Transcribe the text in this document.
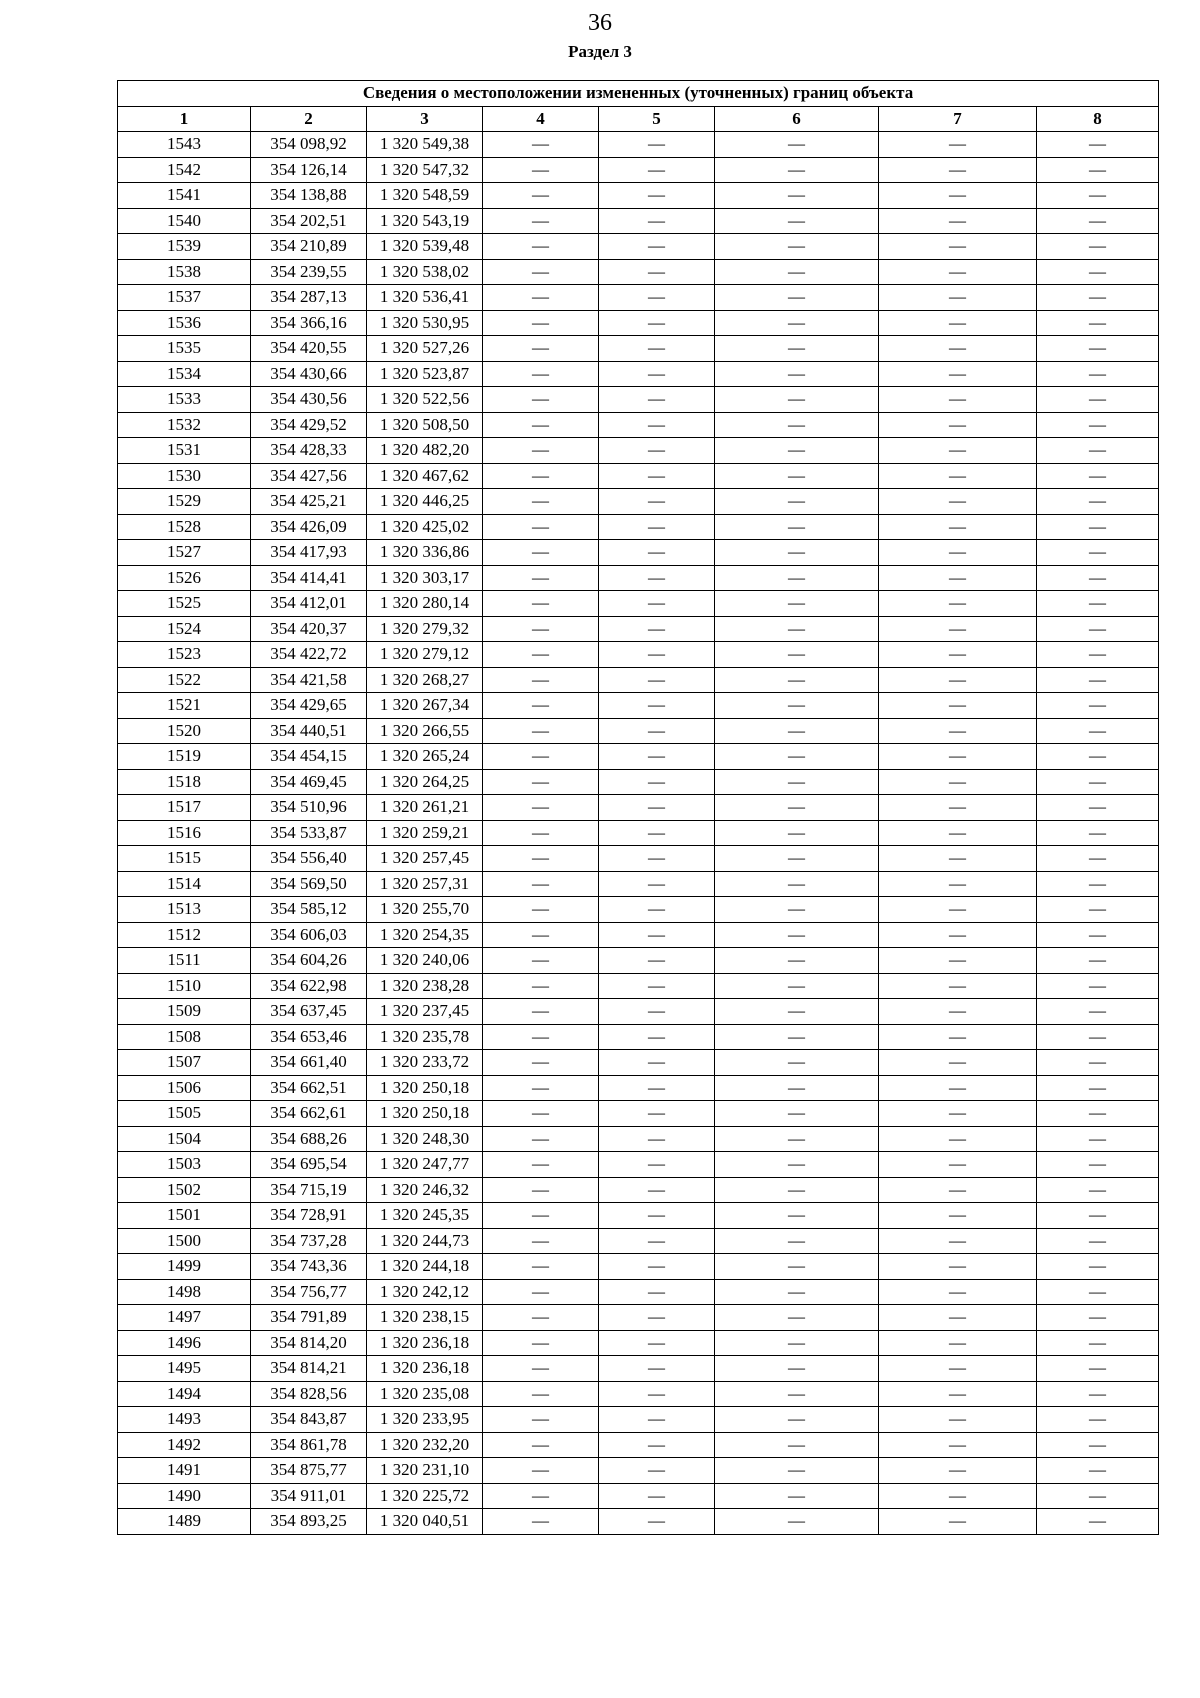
36
Раздел 3
Сведения о местоположении измененных (уточненных) границ объекта							
1	2	3	4	5	6	7	8
1543	354 098,92	1 320 549,38	—	—	—	—	—
1542	354 126,14	1 320 547,32	—	—	—	—	—
1541	354 138,88	1 320 548,59	—	—	—	—	—
1540	354 202,51	1 320 543,19	—	—	—	—	—
1539	354 210,89	1 320 539,48	—	—	—	—	—
1538	354 239,55	1 320 538,02	—	—	—	—	—
1537	354 287,13	1 320 536,41	—	—	—	—	—
1536	354 366,16	1 320 530,95	—	—	—	—	—
1535	354 420,55	1 320 527,26	—	—	—	—	—
1534	354 430,66	1 320 523,87	—	—	—	—	—
1533	354 430,56	1 320 522,56	—	—	—	—	—
1532	354 429,52	1 320 508,50	—	—	—	—	—
1531	354 428,33	1 320 482,20	—	—	—	—	—
1530	354 427,56	1 320 467,62	—	—	—	—	—
1529	354 425,21	1 320 446,25	—	—	—	—	—
1528	354 426,09	1 320 425,02	—	—	—	—	—
1527	354 417,93	1 320 336,86	—	—	—	—	—
1526	354 414,41	1 320 303,17	—	—	—	—	—
1525	354 412,01	1 320 280,14	—	—	—	—	—
1524	354 420,37	1 320 279,32	—	—	—	—	—
1523	354 422,72	1 320 279,12	—	—	—	—	—
1522	354 421,58	1 320 268,27	—	—	—	—	—
1521	354 429,65	1 320 267,34	—	—	—	—	—
1520	354 440,51	1 320 266,55	—	—	—	—	—
1519	354 454,15	1 320 265,24	—	—	—	—	—
1518	354 469,45	1 320 264,25	—	—	—	—	—
1517	354 510,96	1 320 261,21	—	—	—	—	—
1516	354 533,87	1 320 259,21	—	—	—	—	—
1515	354 556,40	1 320 257,45	—	—	—	—	—
1514	354 569,50	1 320 257,31	—	—	—	—	—
1513	354 585,12	1 320 255,70	—	—	—	—	—
1512	354 606,03	1 320 254,35	—	—	—	—	—
1511	354 604,26	1 320 240,06	—	—	—	—	—
1510	354 622,98	1 320 238,28	—	—	—	—	—
1509	354 637,45	1 320 237,45	—	—	—	—	—
1508	354 653,46	1 320 235,78	—	—	—	—	—
1507	354 661,40	1 320 233,72	—	—	—	—	—
1506	354 662,51	1 320 250,18	—	—	—	—	—
1505	354 662,61	1 320 250,18	—	—	—	—	—
1504	354 688,26	1 320 248,30	—	—	—	—	—
1503	354 695,54	1 320 247,77	—	—	—	—	—
1502	354 715,19	1 320 246,32	—	—	—	—	—
1501	354 728,91	1 320 245,35	—	—	—	—	—
1500	354 737,28	1 320 244,73	—	—	—	—	—
1499	354 743,36	1 320 244,18	—	—	—	—	—
1498	354 756,77	1 320 242,12	—	—	—	—	—
1497	354 791,89	1 320 238,15	—	—	—	—	—
1496	354 814,20	1 320 236,18	—	—	—	—	—
1495	354 814,21	1 320 236,18	—	—	—	—	—
1494	354 828,56	1 320 235,08	—	—	—	—	—
1493	354 843,87	1 320 233,95	—	—	—	—	—
1492	354 861,78	1 320 232,20	—	—	—	—	—
1491	354 875,77	1 320 231,10	—	—	—	—	—
1490	354 911,01	1 320 225,72	—	—	—	—	—
1489	354 893,25	1 320 040,51	—	—	—	—	—
